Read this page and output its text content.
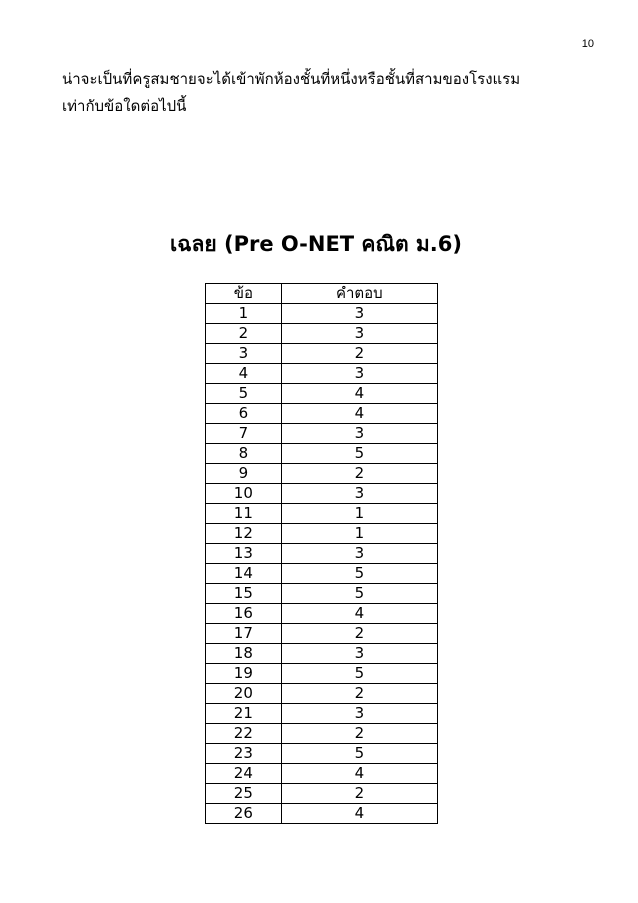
10
น่าจะเป็นที่ครูสมชายจะได้เข้าพักห้องชั้นที่หนึ่งหรือชั้นที่สามของโรงแรม
เท่ากับข้อใดต่อไปนี้
เฉลย (Pre O-NET คณิต ม.6)
ข้อ	คำตอบ
1	3
2	3
3	2
4	3
5	4
6	4
7	3
8	5
9	2
10	3
11	1
12	1
13	3
14	5
15	5
16	4
17	2
18	3
19	5
20	2
21	3
22	2
23	5
24	4
25	2
26	4
